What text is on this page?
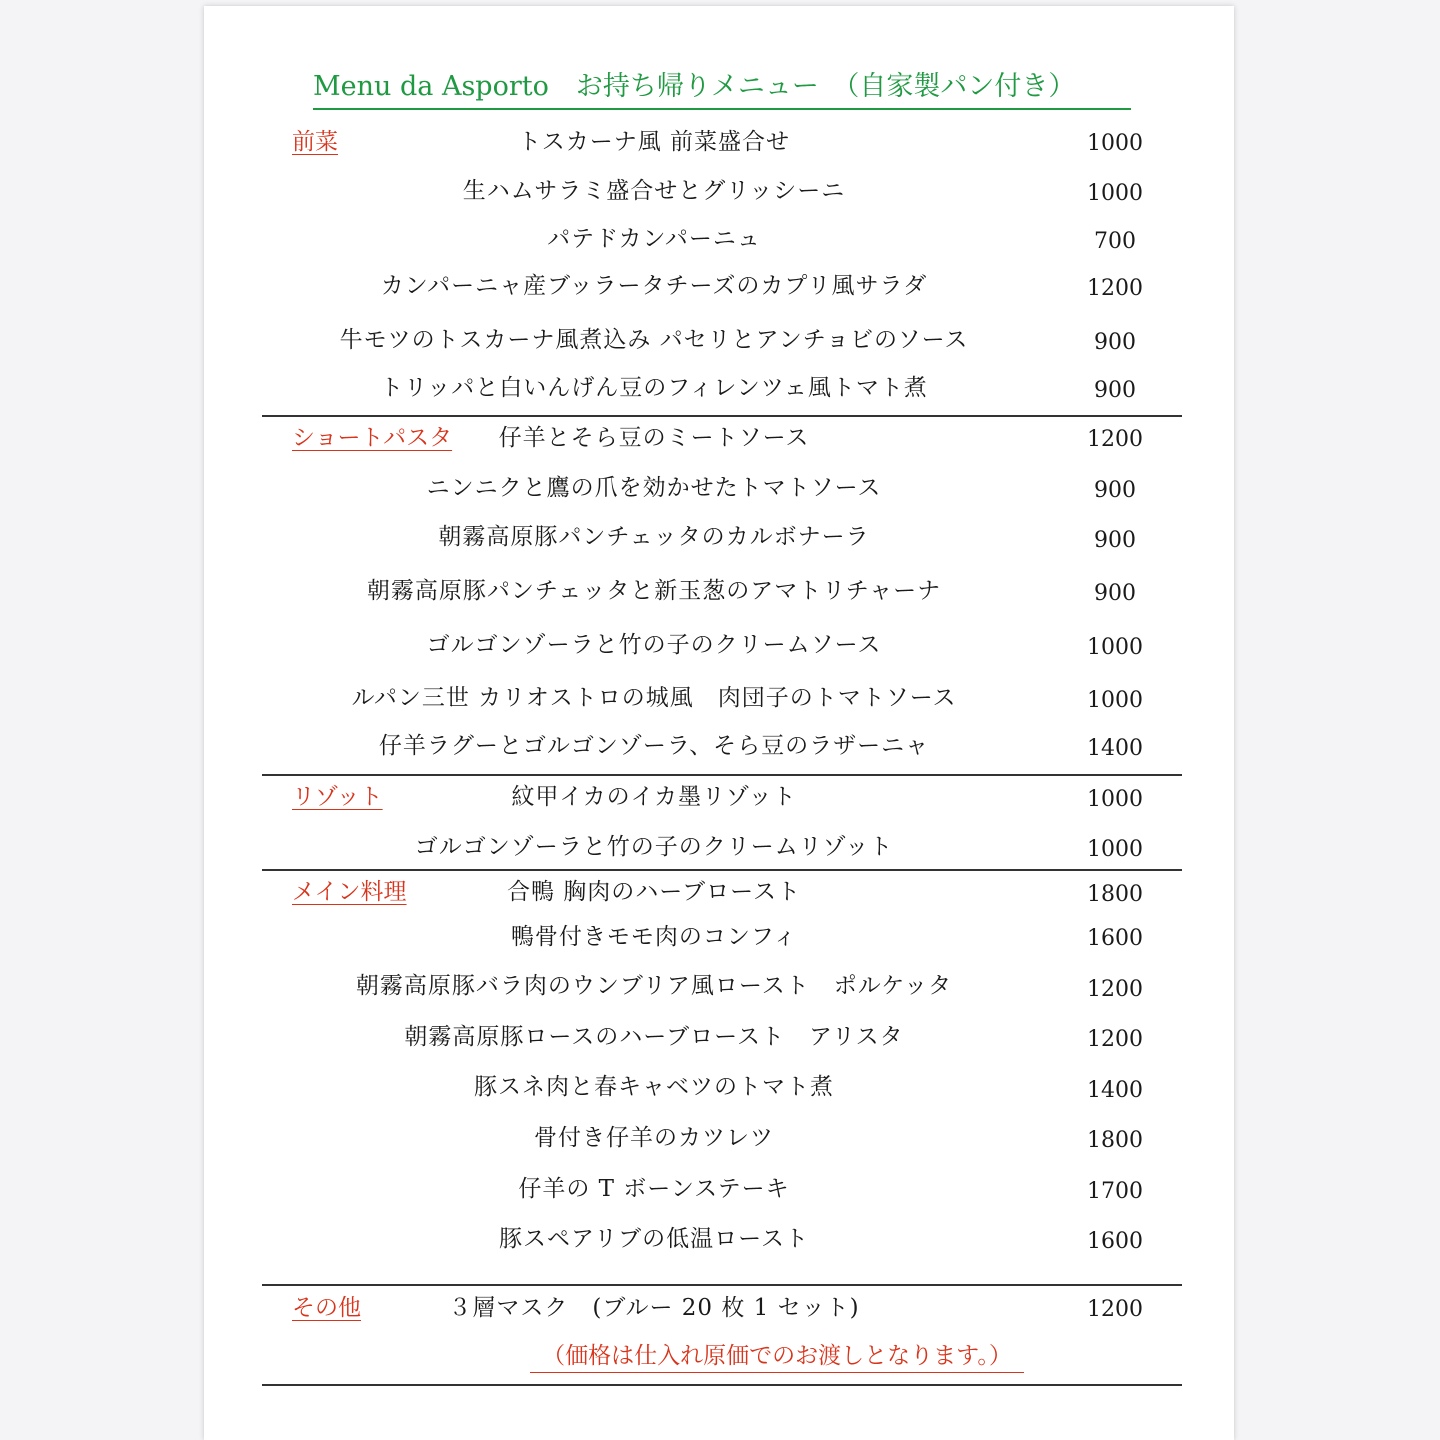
Menu da Asporto　お持ち帰りメニュー　（自家製パン付き）
前菜	トスカーナ風 前菜盛合せ	1000
生ハムサラミ盛合せとグリッシーニ	1000
パテドカンパーニュ	700
カンパーニャ産ブッラータチーズのカプリ風サラダ	1200
牛モツのトスカーナ風煮込み パセリとアンチョビのソース	900
トリッパと白いんげん豆のフィレンツェ風トマト煮	900
ショートパスタ	仔羊とそら豆のミートソース	1200
ニンニクと鷹の爪を効かせたトマトソース	900
朝霧高原豚パンチェッタのカルボナーラ	900
朝霧高原豚パンチェッタと新玉葱のアマトリチャーナ	900
ゴルゴンゾーラと竹の子のクリームソース	1000
ルパン三世 カリオストロの城風　肉団子のトマトソース	1000
仔羊ラグーとゴルゴンゾーラ、そら豆のラザーニャ	1400
リゾット	紋甲イカのイカ墨リゾット	1000
ゴルゴンゾーラと竹の子のクリームリゾット	1000
メイン料理	合鴨 胸肉のハーブロースト	1800
鴨骨付きモモ肉のコンフィ	1600
朝霧高原豚バラ肉のウンブリア風ロースト　ポルケッタ	1200
朝霧高原豚ロースのハーブロースト　アリスタ	1200
豚スネ肉と春キャベツのトマト煮	1400
骨付き仔羊のカツレツ	1800
仔羊の T ボーンステーキ	1700
豚スペアリブの低温ロースト	1600
その他	３層マスク　(ブルー 20 枚 1 セット)	1200
（価格は仕入れ原価でのお渡しとなります。）
